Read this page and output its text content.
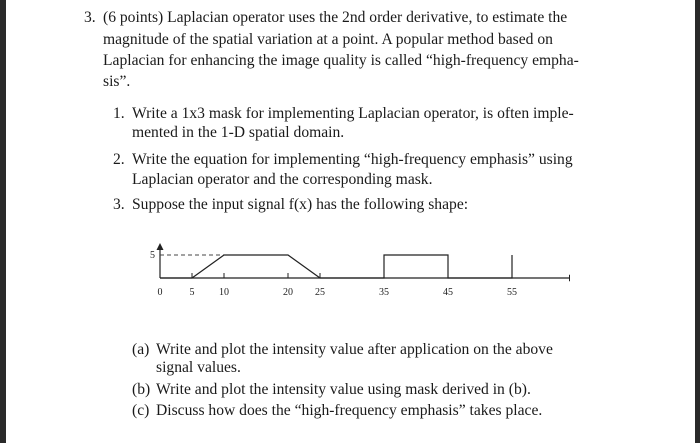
3. (6 points) Laplacian operator uses the 2nd order derivative, to estimate the
magnitude of the spatial variation at a point. A popular method based on
Laplacian for enhancing the image quality is called “high-frequency empha-
sis”.
1. Write a 1x3 mask for implementing Laplacian operator, is often imple-
mented in the 1-D spatial domain.
2. Write the equation for implementing “high-frequency emphasis” using
Laplacian operator and the corresponding mask.
3. Suppose the input signal f(x) has the following shape:
5
0	5 10	20 25	35	45	55
(a) Write and plot the intensity value after application on the above
signal values.
(b) Write and plot the intensity value using mask derived in (b).
(c) Discuss how does the “high-frequency emphasis” takes place.
